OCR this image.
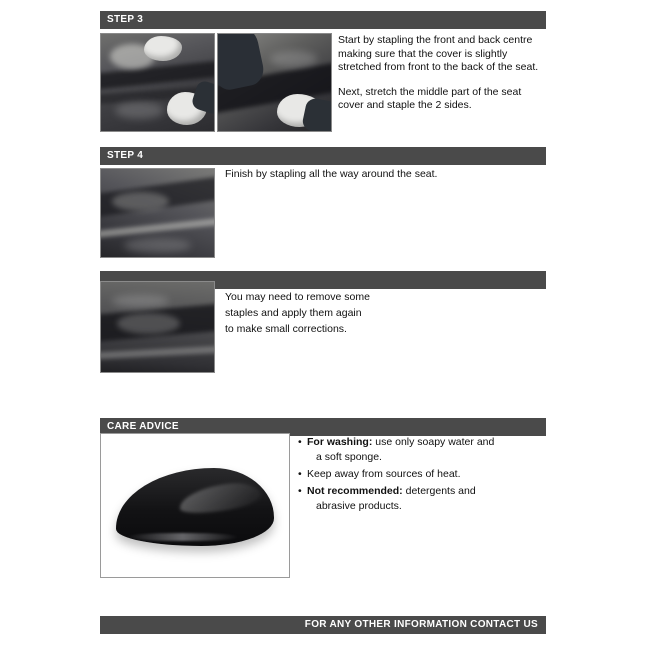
STEP 3

Start by stapling the front and back centre making sure that the cover is slightly stretched from front to the back of the seat.

Next, stretch the middle part of the seat cover and staple the 2 sides.

STEP 4

Finish by stapling all the way around the seat.

You may need to remove some

staples and apply them again

to make small corrections.

CARE ADVICE
• For washing: use only soapy water and
a soft sponge.
• Keep away from sources of heat.
• Not recommended: detergents and
abrasive products.
FOR ANY OTHER INFORMATION CONTACT US
